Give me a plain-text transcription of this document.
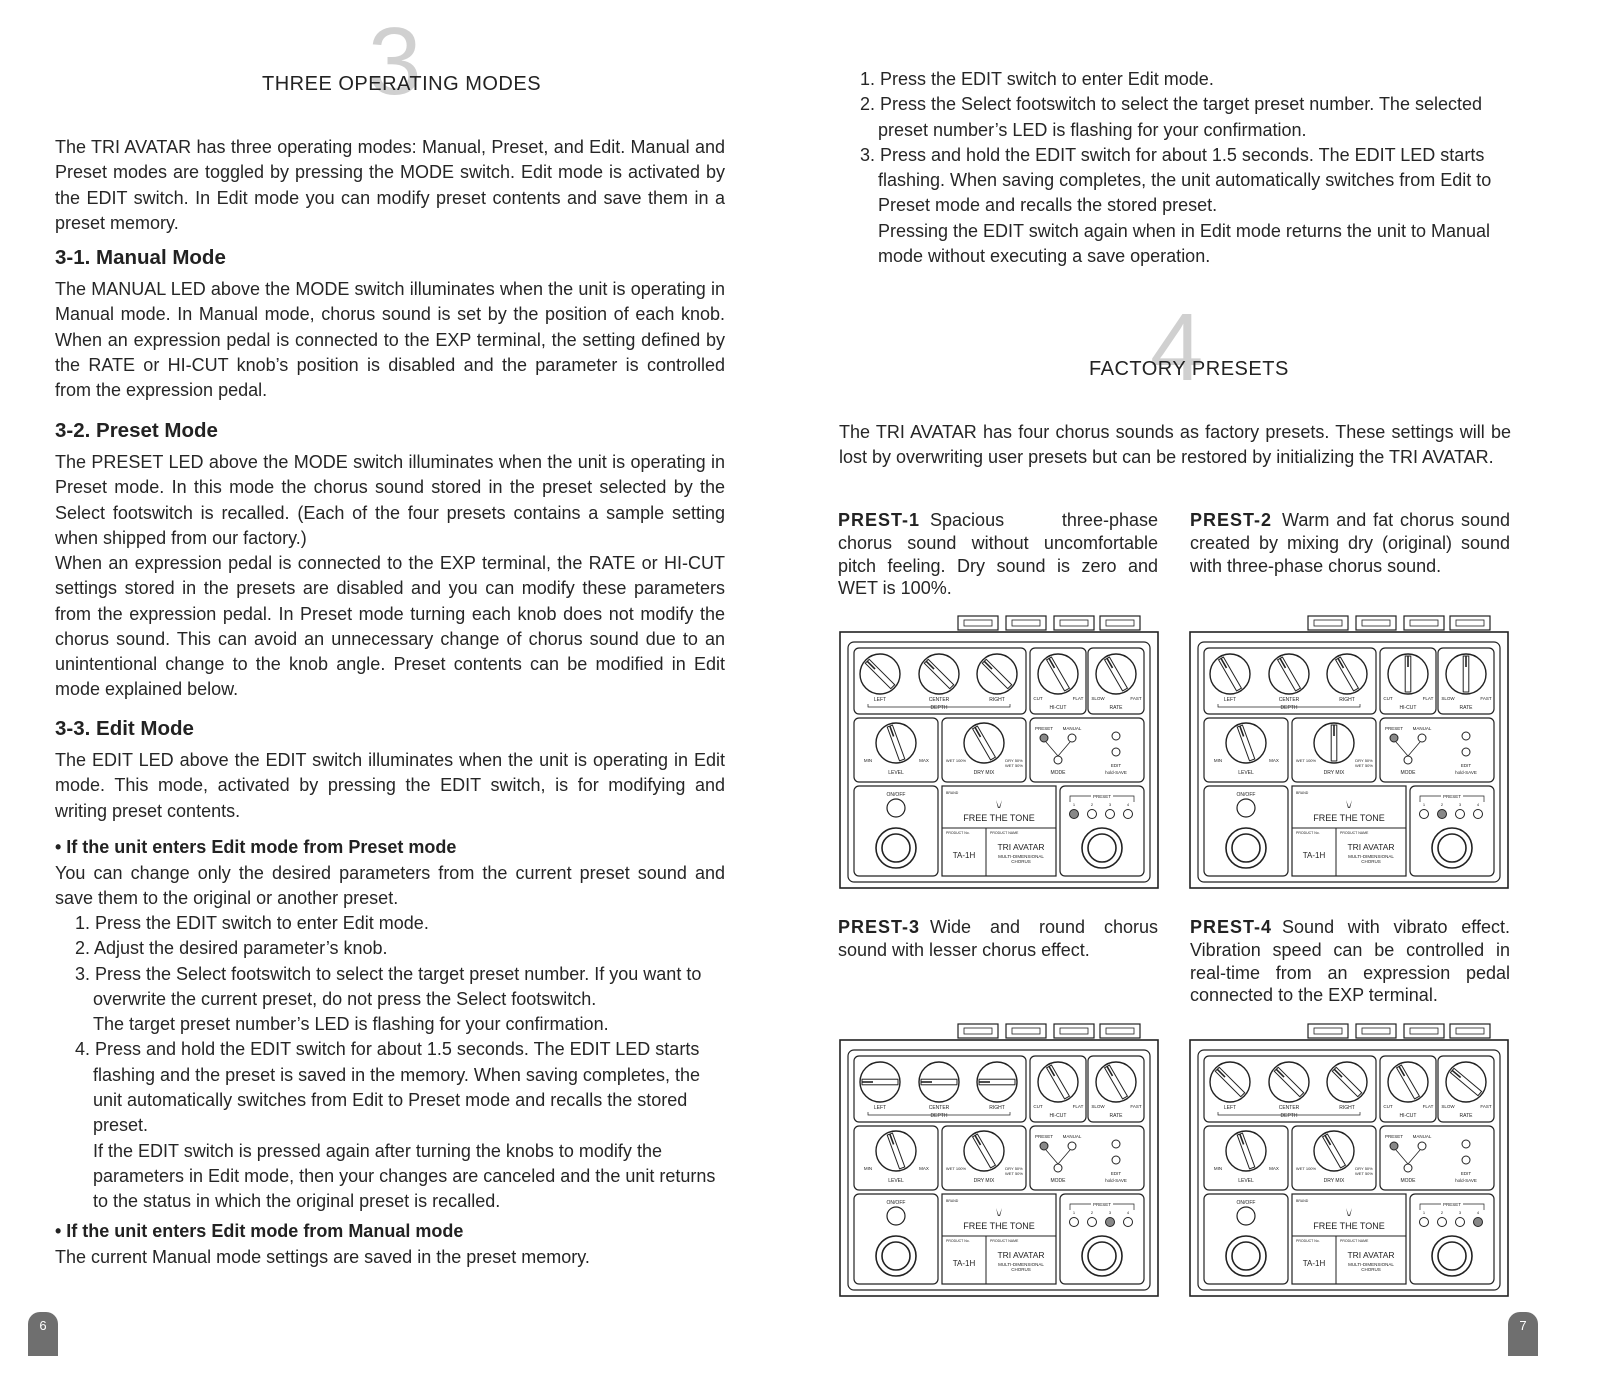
3
THREE OPERATING MODES

The TRI AVATAR has three operating modes: Manual, Preset, and Edit. Manual and Preset modes are toggled by pressing the MODE switch. Edit mode is activated by the EDIT switch. In Edit mode you can modify preset contents and save them in a preset memory.

3-1. Manual Mode

The MANUAL LED above the MODE switch illuminates when the unit is operating in Manual mode. In Manual mode, chorus sound is set by the position of each knob. When an expression pedal is connected to the EXP terminal, the setting defined by the RATE or HI-CUT knob’s position is disabled and the parameter is controlled from the expression pedal.

3-2. Preset Mode

The PRESET LED above the MODE switch illuminates when the unit is operating in Preset mode. In this mode the chorus sound stored in the preset selected by the Select footswitch is recalled. (Each of the four presets contains a sample setting when shipped from our factory.)

When an expression pedal is connected to the EXP terminal, the RATE or HI-CUT settings stored in the presets are disabled and you can modify these parameters from the expression pedal. In Preset mode turning each knob does not modify the chorus sound. This can avoid an unnecessary change of chorus sound due to an unintentional change to the knob angle. Preset contents can be modified in Edit mode explained below.

3-3. Edit Mode

The EDIT LED above the EDIT switch illuminates when the unit is operating in Edit mode. This mode, activated by pressing the EDIT switch, is for modifying and writing preset contents.

• If the unit enters Edit mode from Preset mode

You can change only the desired parameters from the current preset sound and save them to the original or another preset.

1. Press the EDIT switch to enter Edit mode.
2. Adjust the desired parameter’s knob.
3. Press the Select footswitch to select the target preset number. If you want to overwrite the current preset, do not press the Select footswitch.
The target preset number’s LED is flashing for your confirmation.
4. Press and hold the EDIT switch for about 1.5 seconds. The EDIT LED starts flashing and the preset is saved in the memory. When saving completes, the unit automatically switches from Edit to Preset mode and recalls the stored preset.
If the EDIT switch is pressed again after turning the knobs to modify the parameters in Edit mode, then your changes are canceled and the unit returns to the status in which the original preset is recalled.
• If the unit enters Edit mode from Manual mode

The current Manual mode settings are saved in the preset memory.

6
1. Press the EDIT switch to enter Edit mode.
2. Press the Select footswitch to select the target preset number. The selected preset number’s LED is flashing for your confirmation.
3. Press and hold the EDIT switch for about 1.5 seconds. The EDIT LED starts flashing. When saving completes, the unit automatically switches from Edit to Preset mode and recalls the stored preset.
Pressing the EDIT switch again when in Edit mode returns the unit to Manual mode without executing a save operation.
4
FACTORY PRESETS

The TRI AVATAR has four chorus sounds as factory presets. These settings will be lost by overwriting user presets but can be restored by initializing the TRI AVATAR.

PREST-1 Spacious three-phase chorus sound without uncomfortable pitch feeling. Dry sound is zero and WET is 100%.
PREST-2 Warm and fat chorus sound created by mixing dry (original) sound with three-phase chorus sound.
PREST-3 Wide and round chorus sound with lesser chorus effect.
PREST-4 Sound with vibrato effect. Vibration speed can be controlled in real-time from an expression pedal connected to the EXP terminal.
LEFT	CENTER	RIGHT
DEPTH
CUT	FLAT
HI-CUT
SLOW	FAST
RATE
MIN	MAX
LEVEL
WET 100%	DRY 50%
WET 50%
DRY MIX
PRESET MANUAL
MODE
EDIT
hold-SAVE
ON/OFF	BRAND
FREE THE TONE
PRODUCT No.	PRODUCT NAME
TA-1H
TRI AVATAR
MULTI-DIMENSIONAL
CHORUS
PRESET
1	2	3	4
LEFT	CENTER	RIGHT
DEPTH
CUT	FLAT
HI-CUT
SLOW	FAST
RATE
MIN	MAX
LEVEL
WET 100%	DRY 50%
WET 50%
DRY MIX
PRESET MANUAL
MODE
EDIT
hold-SAVE
ON/OFF	BRAND
FREE THE TONE
PRODUCT No.	PRODUCT NAME
TA-1H
TRI AVATAR
MULTI-DIMENSIONAL
CHORUS
PRESET
1	2	3	4
LEFT	CENTER	RIGHT
DEPTH
CUT	FLAT
HI-CUT
SLOW	FAST
RATE
MIN	MAX
LEVEL
WET 100%	DRY 50%
WET 50%
DRY MIX
PRESET MANUAL
MODE
EDIT
hold-SAVE
ON/OFF	BRAND
FREE THE TONE
PRODUCT No.	PRODUCT NAME
TA-1H
TRI AVATAR
MULTI-DIMENSIONAL
CHORUS
PRESET
1	2	3	4
LEFT	CENTER	RIGHT
DEPTH
CUT	FLAT
HI-CUT
SLOW	FAST
RATE
MIN	MAX
LEVEL
WET 100%	DRY 50%
WET 50%
DRY MIX
PRESET MANUAL
MODE
EDIT
hold-SAVE
ON/OFF	BRAND
FREE THE TONE
PRODUCT No.	PRODUCT NAME
TA-1H
TRI AVATAR
MULTI-DIMENSIONAL
CHORUS
PRESET
1	2	3	4
7
